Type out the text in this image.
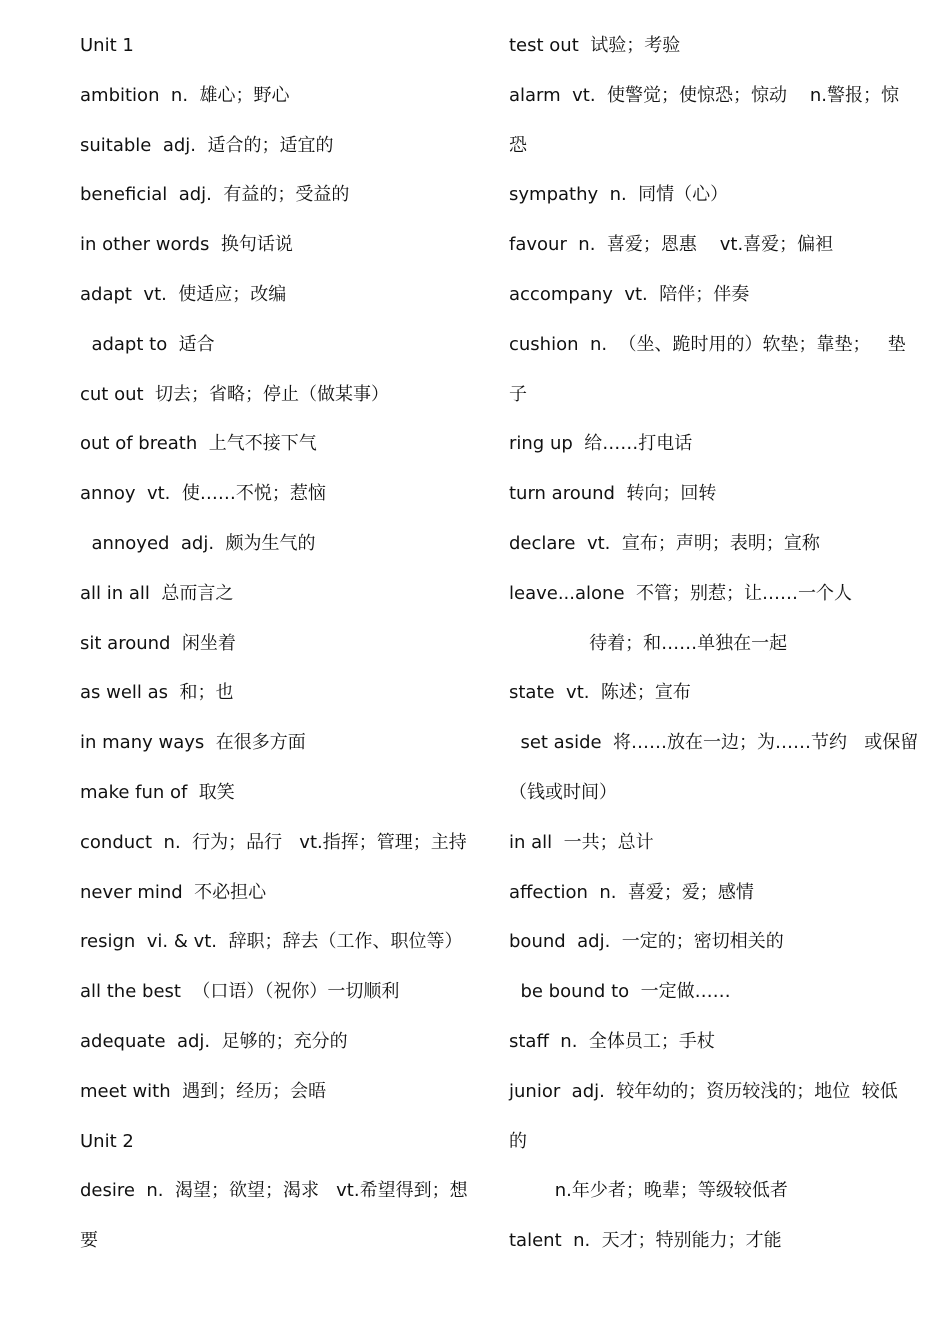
Unit 1
ambition  n.  雄心；野心
suitable  adj.  适合的；适宜的
beneficial  adj.  有益的；受益的
in other words  换句话说
adapt  vt.  使适应；改编
adapt to  适合
cut out  切去；省略；停止（做某事）
out of breath  上气不接下气
annoy  vt.  使……不悦；惹恼
annoyed  adj.  颇为生气的
all in all  总而言之
sit around  闲坐着
as well as  和；也
in many ways  在很多方面
make fun of  取笑
conduct  n.  行为；品行   vt.指挥；管理；主持
never mind  不必担心
resign  vi. & vt.  辞职；辞去（工作、职位等）
all the best  （口语）（祝你）一切顺利
adequate  adj.  足够的；充分的
meet with  遇到；经历；会晤
Unit 2
desire  n.  渴望；欲望；渴求   vt.希望得到；想
要
test out  试验；考验
alarm  vt.  使警觉；使惊恐；惊动    n.警报；惊
恐
sympathy  n.  同情（心）
favour  n.  喜爱；恩惠    vt.喜爱；偏袒
accompany  vt.  陪伴；伴奏
cushion  n.  （坐、跪时用的）软垫；靠垫；   垫
子
ring up  给……打电话
turn around  转向；回转
declare  vt.  宣布；声明；表明；宣称
leave...alone  不管；别惹；让……一个人
待着；和……单独在一起
state  vt.  陈述；宣布
set aside  将……放在一边；为……节约   或保留
（钱或时间）
in all  一共；总计
affection  n.  喜爱；爱；感情
bound  adj.  一定的；密切相关的
be bound to  一定做……
staff  n.  全体员工；手杖
junior  adj.  较年幼的；资历较浅的；地位  较低
的
n.年少者；晚辈；等级较低者
talent  n.  天才；特别能力；才能
